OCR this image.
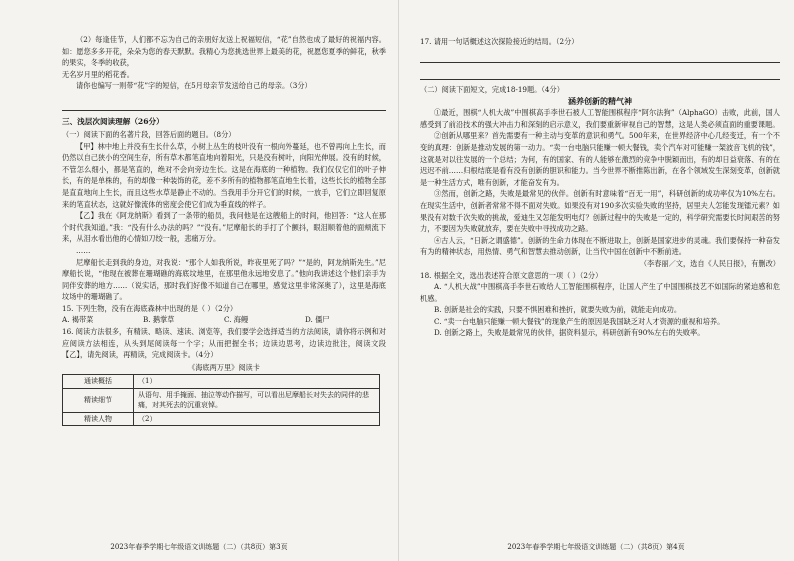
（2）每逢佳节，人们都不忘为自己的亲朋好友送上祝福短信，“花”自然也成了最好的祝福内容。如：愿您多多开花，朵朵为您的春天默默。我精心为您挑选世界上最美的花，祝愿您夏季的鲜花，秋季的果实，冬季的收获，

无名岁月里的稻花香。

请你也编写一则带“花”字的短信，在5月母亲节发送给自己的母亲。（3分）

三、浅层次阅读理解（26分）

（一）阅读下面的名著片段，回答后面的题目。（8分）

【甲】林中地上并没有生长什么草，小树上丛生的枝叶没有一根向外蔓延，也不曾再向上生长，而仍然以自己狭小的空间生存，所有草木都笔直地向着阳光，只是没有树叶，向阳光伸展。没有的时候，不管怎么细小，都是笔直的，绝对不会向旁边生长。这是在海底的一种植物。我们仅仅它们的叶子伸长，有的是单株的，有的却像一种装饰的花，差不多所有的植物都笔直地生长着，这些长长的植物全部是直直地向上生长，而且这些水草是静止不动的。当我用手分开它们的时候，一放手，它们立即回复原来的笔直状态，这就好像流体的密度会使它们成为垂直线的样子。

【乙】我在《阿龙纳斯》看到了一条带的船员，我问他是在这艘船上的时间，他回答：“这人在那个时代我知道。”我：“没有什么办法的吗？”“没有。”尼摩船长的手打了个颤抖，眼泪顺着他的面颊流下来，从泪水看出他的心情如刀绞一般，悲痛万分。

……

尼摩船长走到我的身边，对我说：“那个人如我所说，昨夜里死了吗？”“是的，阿龙纳斯先生。”尼摩船长说，“他现在被葬在珊瑚礁的海底坟地里，在那里他永远地安息了。”他向我讲述这个他们亲手为同伴安葬的地方……（说实话，那时我们好像不知道自己在哪里，感觉这里非常深奥了），这里是海底坟场中的珊瑚礁了。

15. 下列生物，没有在海底森林中出现的是（ ）（2分）

A. 褐带菜	B. 鹅掌草	C. 海鳗	D. 僵尸

16. 阅读方法很多，有精读、略读、速读、浏览等，我们要学会选择适当的方法阅读，请你将示例和对应阅读方法相连，从头到尾阅读每一个字；从而把握全书；边读边思考，边读边批注，阅读文段【乙】，请先阅读，再精读，完成阅读卡。（4分）

《海底两万里》阅读卡
通读概括	（1）
精读细节	从语句、用手掩面、抽泣等动作描写，可以看出尼摩船长对失去的同伴的悲痛，对其死去的沉重哀悼。
精读人物	（2）
2023年春季学期七年级语文训练题（二）（共8页）第3页

17. 请用一句话概述这次探险接近的结局。（2分）

（二）阅读下面短文，完成18-19题。（4分）

涵养创新的精气神

①最近，围棋“人机大战”中围棋高手李世石被人工智能围棋程序“阿尔法狗”（AlphaGO）击败，此前，国人感受到了前沿技术的强大冲击力和深刻的启示意义，我们要重新审视自己的智慧，这是人类必须直面的重要课题。

②创新从哪里来？首先需要有一种主动与变革的意识和勇气。500年来，在世界经济中心几经变迁，有一个不变的真理：创新是推动发展的第一动力。“卖一台电脑只能赚一顿大餐钱，卖个汽车对可能赚一架波音飞机的钱”，这就是对以往发展的一个总结；为何，有的国家、有的人能够在激烈的竞争中脱颖而出，有的却日益衰落、有的在迟迟不前……归根结底是看有没有创新的胆识和能力。当今世界不断推陈出新，在各个领域发生深刻变革，创新就是一种生活方式，唯有创新，才能奋发有为。

③然而，创新之路，失败是最常见的伙伴。创新有时意味着“百无一用”，科研创新的成功率仅为10%左右。在现实生活中，创新者常常不得不面对失败。如果没有对190多次实验失败的坚持，居里夫人怎能发现镭元素？如果没有对数千次失败的挑战，爱迪生又怎能发明电灯？创新过程中的失败是一定的，科学研究需要长时间艰苦的努力，不要因为失败就放弃，要在失败中寻找成功之路。

④古人云，“日新之谓盛德”。创新的生命力体现在不断进取上，创新是国家进步的灵魂。我们要保持一种奋发有为的精神状态，用热情、勇气和智慧去推动创新，让当代中国在创新中不断前进。

（李春丽／文，选自《人民日报》，有删改）

18. 根据全文，选出表述符合原文意思的一项（ ）（2分）

A. “人机大战”中围棋高手李世石败给人工智能围棋程序，让国人产生了中国围棋技艺不如国际的紧迫感和危机感。

B. 创新是社会的实践，只要不惧困难和挫折，就要失败为前，就能走向成功。

C. “卖一台电脑只能赚一顿大餐钱”的现象产生的原因是我国缺乏对人才资源的重视和培养。

D. 创新之路上，失败是最常见的伙伴，据资料显示，科研创新有90%左右的失败率。

2023年春季学期七年级语文训练题（二）（共8页）第4页
